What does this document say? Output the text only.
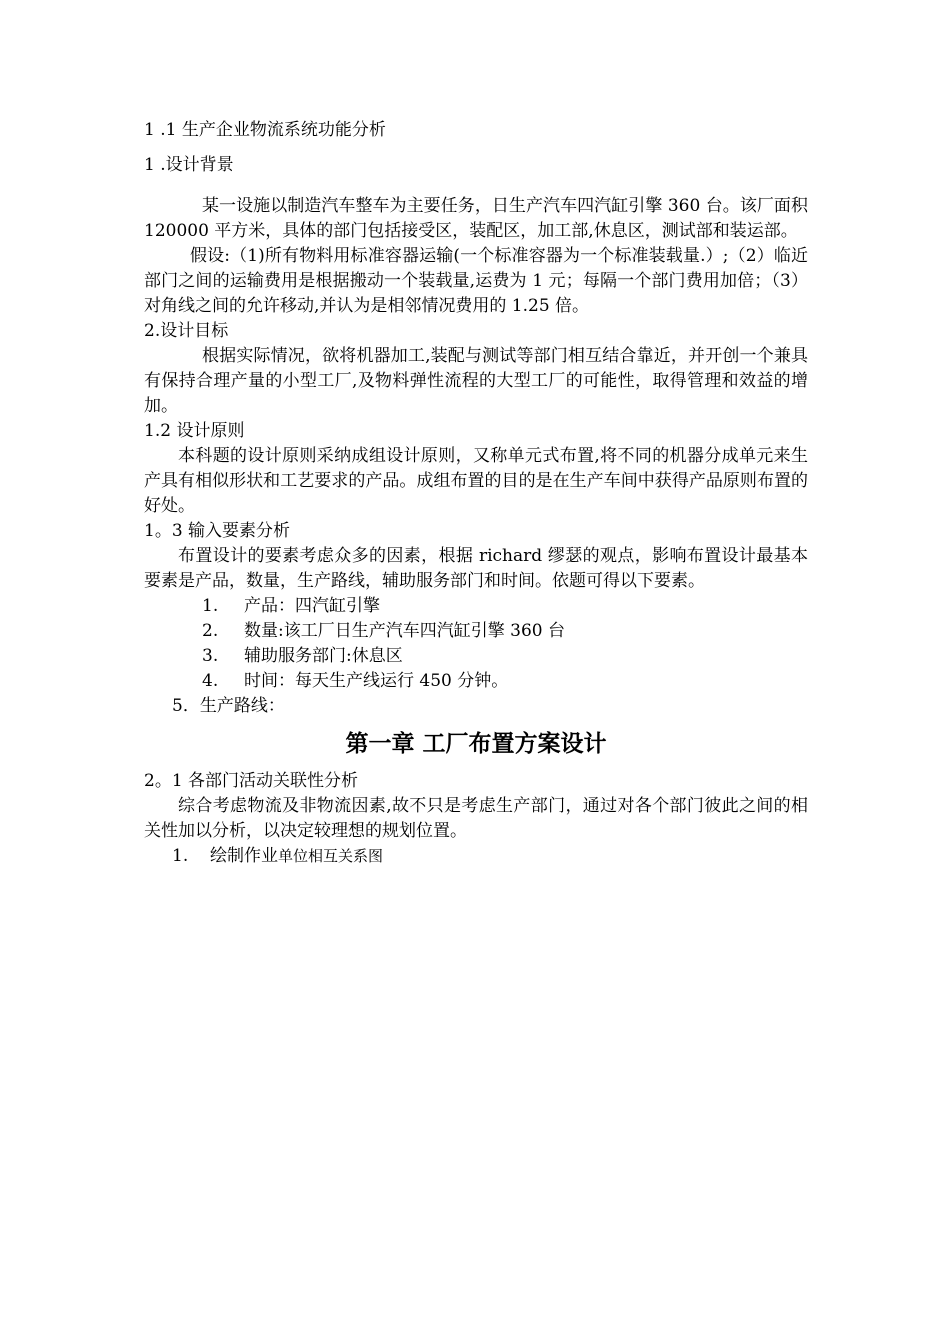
1 .1 生产企业物流系统功能分析
1 .设计背景
某一设施以制造汽车整车为主要任务，日生产汽车四汽缸引擎 360 台。该厂面积 120000 平方米，具体的部门包括接受区，装配区，加工部,休息区，测试部和装运部。
假设:（1)所有物料用标准容器运输(一个标准容器为一个标准装载量.）;（2）临近部门之间的运输费用是根据搬动一个装载量,运费为 1 元；每隔一个部门费用加倍；（3）对角线之间的允许移动,并认为是相邻情况费用的 1.25 倍。
2.设计目标
根据实际情况，欲将机器加工,装配与测试等部门相互结合靠近，并开创一个兼具有保持合理产量的小型工厂,及物料弹性流程的大型工厂的可能性，取得管理和效益的增加。
1.2 设计原则
本科题的设计原则采纳成组设计原则，又称单元式布置,将不同的机器分成单元来生产具有相似形状和工艺要求的产品。成组布置的目的是在生产车间中获得产品原则布置的好处。
1。3 输入要素分析
布置设计的要素考虑众多的因素，根据 richard 缪瑟的观点，影响布置设计最基本要素是产品，数量，生产路线，辅助服务部门和时间。依题可得以下要素。
1. 产品：四汽缸引擎
2. 数量:该工厂日生产汽车四汽缸引擎 360 台
3. 辅助服务部门:休息区
4. 时间：每天生产线运行 450 分钟。
5．生产路线：
第一章 工厂布置方案设计
2。1 各部门活动关联性分析
综合考虑物流及非物流因素,故不只是考虑生产部门，通过对各个部门彼此之间的相关性加以分析，以决定较理想的规划位置。
1. 绘制作业单位相互关系图
